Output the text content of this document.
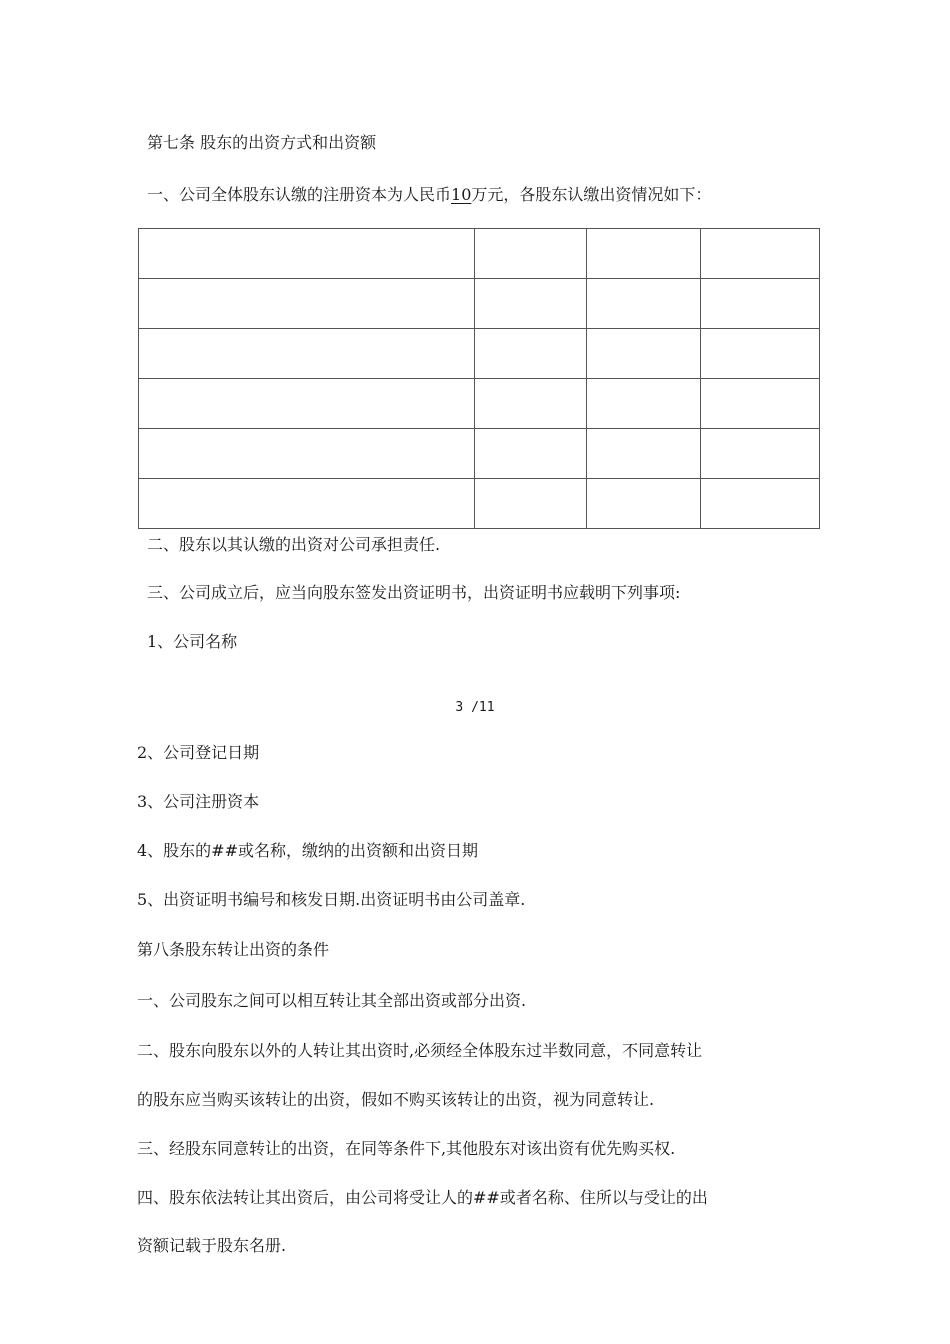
第七条 股东的出资方式和出资额
一、公司全体股东认缴的注册资本为人民币10万元，各股东认缴出资情况如下：

二、股东以其认缴的出资对公司承担责任.
三、公司成立后，应当向股东签发出资证明书，出资证明书应载明下列事项:
1、公司名称
3 /11
2、公司登记日期
3、公司注册资本
4、股东的##或名称，缴纳的出资额和出资日期
5、出资证明书编号和核发日期.出资证明书由公司盖章.
第八条股东转让出资的条件
一、公司股东之间可以相互转让其全部出资或部分出资.
二、股东向股东以外的人转让其出资时,必须经全体股东过半数同意，不同意转让
的股东应当购买该转让的出资，假如不购买该转让的出资，视为同意转让.
三、经股东同意转让的出资，在同等条件下,其他股东对该出资有优先购买权.
四、股东依法转让其出资后，由公司将受让人的##或者名称、住所以与受让的出
资额记载于股东名册.
